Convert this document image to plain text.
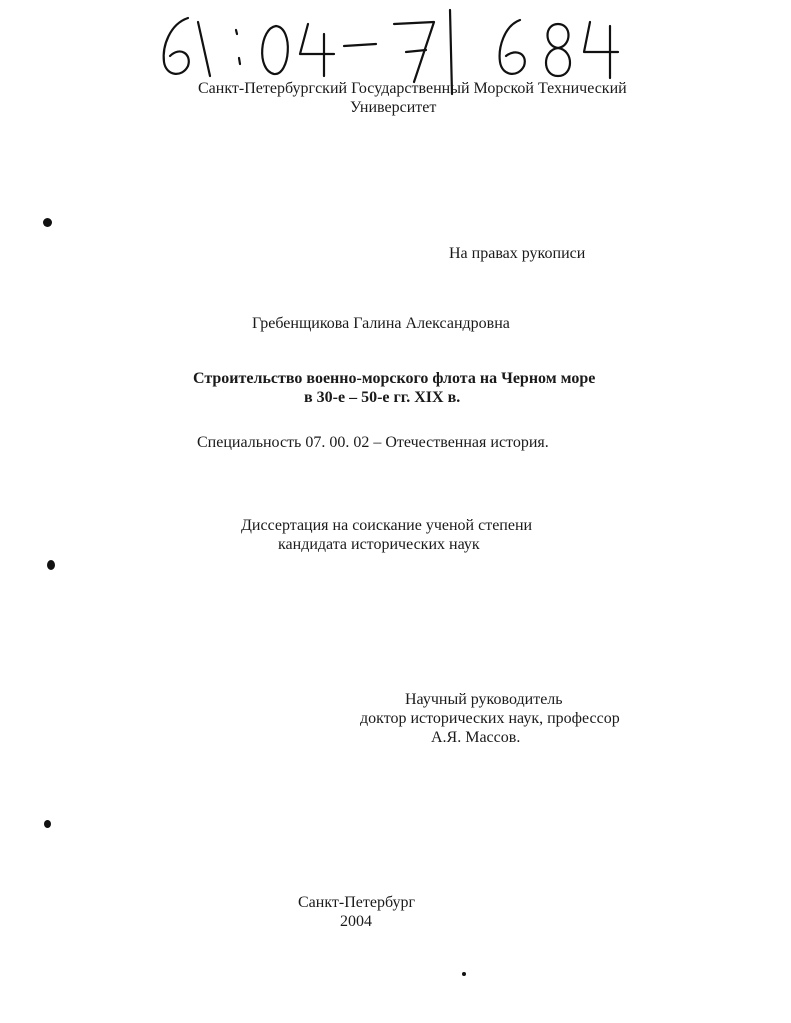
Санкт-Петербургский Государственный Морской Технический
Университет
На правах рукописи
Гребенщикова Галина Александровна
Строительство военно-морского флота на Черном море
в 30-е – 50-е гг. XIX в.
Специальность 07. 00. 02 – Отечественная история.
Диссертация на соискание ученой степени
кандидата исторических наук
Научный руководитель
доктор исторических наук, профессор
А.Я. Массов.
Санкт-Петербург
2004
